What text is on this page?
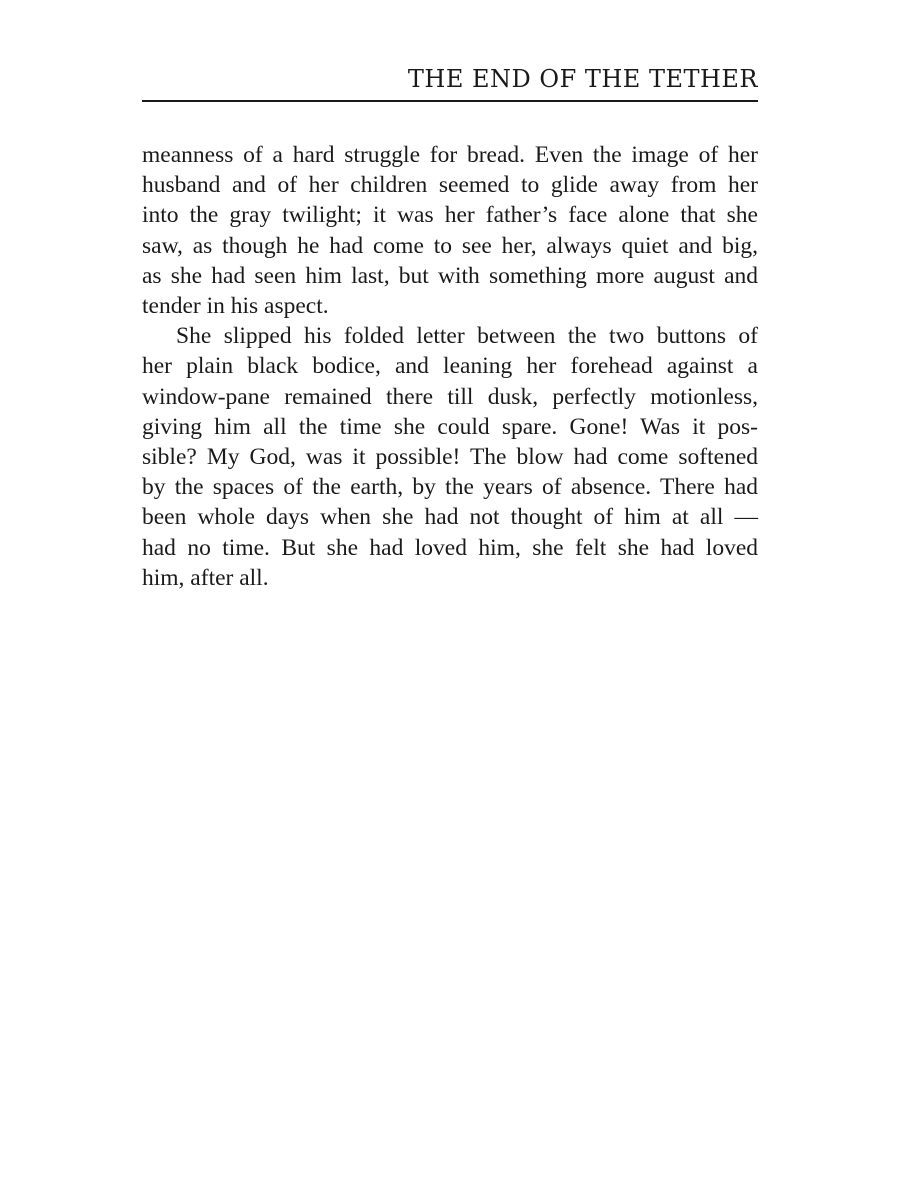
THE END OF THE TETHER
meanness of a hard struggle for bread. Even the image of her
husband and of her children seemed to glide away from her
into the gray twilight; it was her father’s face alone that she
saw, as though he had come to see her, always quiet and big,
as she had seen him last, but with something more august and
tender in his aspect.
She slipped his folded letter between the two buttons of
her plain black bodice, and leaning her forehead against a
window-pane remained there till dusk, perfectly motionless,
giving him all the time she could spare. Gone! Was it pos-
sible? My God, was it possible! The blow had come softened
by the spaces of the earth, by the years of absence. There had
been whole days when she had not thought of him at all —
had no time. But she had loved him, she felt she had loved
him, after all.
